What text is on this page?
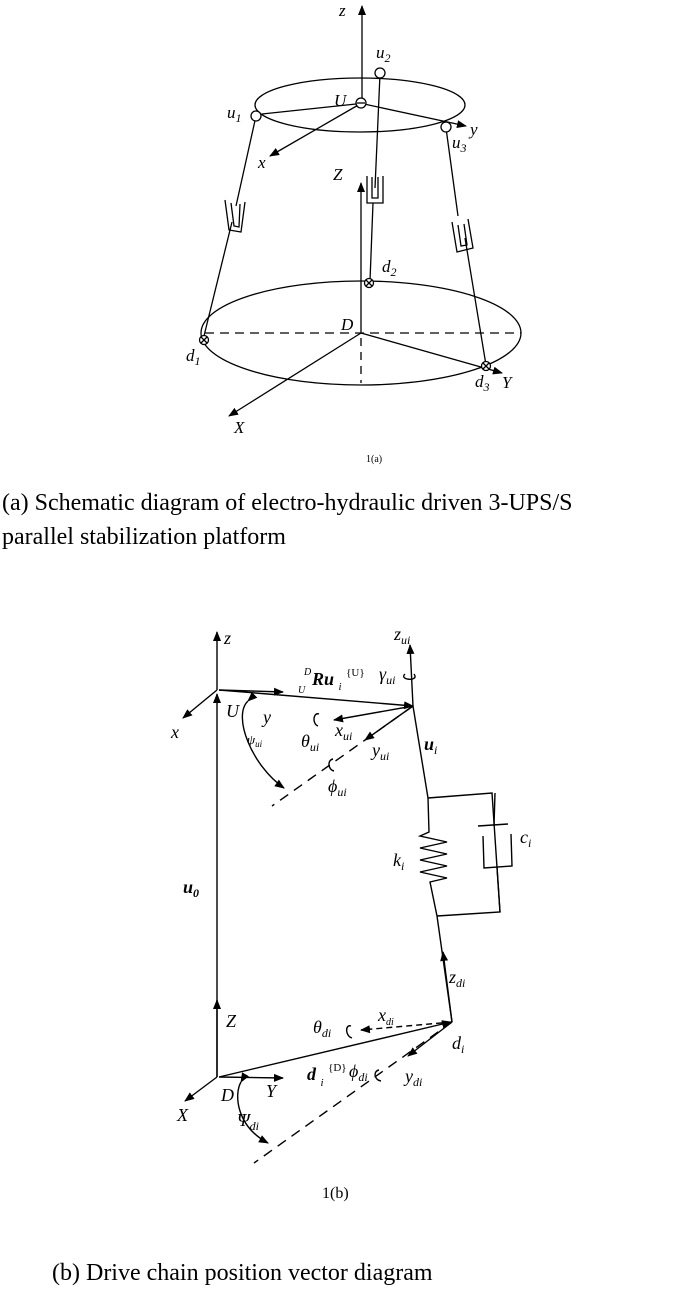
z
U
x
y
$u_1$
$u_2$
$u_3$
Z
D
X
Y
$d_1$
$d_2$
$d_3$
1(a)
z
x
U y
$^D$ U Ru $_i$ $^{\{U\}}$
$z_{ui}$
$\gamma_{ui}$
$x_{ui}$
$\theta_{ui}$	$y_{ui}$
$\phi_{ui}$
$\psi_{ui}$	$u_i$
$u_0$
$k_i$
$c_i$
$z_{di}$
$x_{di}$
$\theta_{di}$	$d_i$
$\phi_{di}$ $y_{di}$
d $_i$ $^{\{D\}}$
Z
D Y
X	$\Psi_{di}$
1(b)
(a) Schematic diagram of electro-hydraulic driven 3-UPS/S
parallel stabilization platform
(b) Drive chain position vector diagram
